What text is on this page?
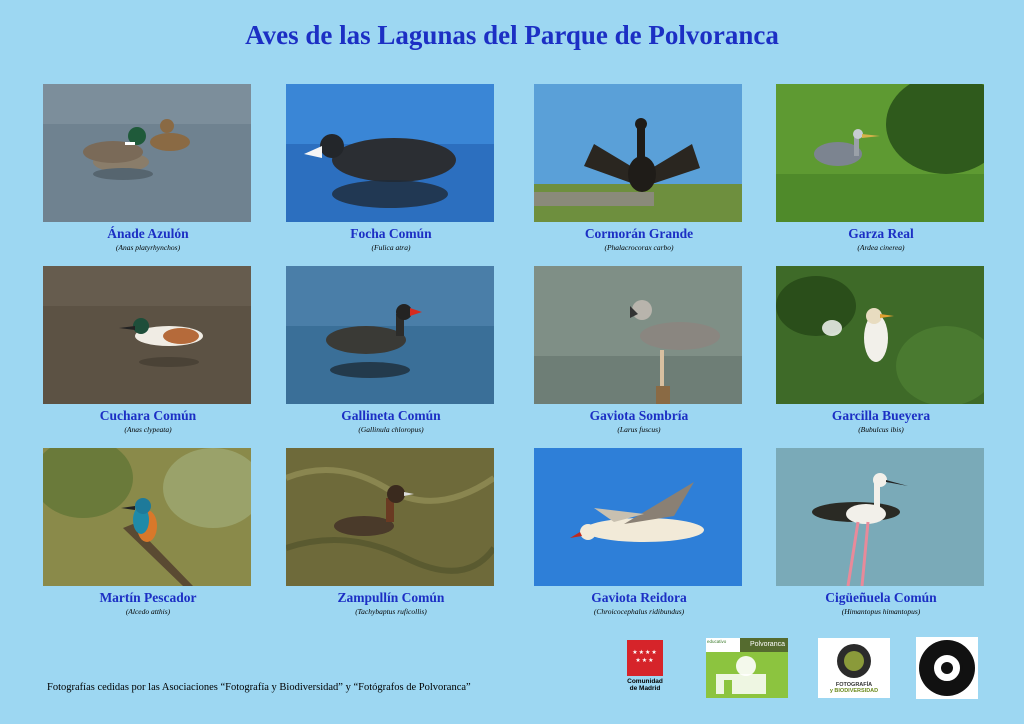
Aves de las Lagunas del Parque de Polvoranca
Ánade Azulón
(Anas platyrhynchos)
Focha Común
(Fulica atra)
Cormorán Grande
(Phalacrocorax carbo)
Garza Real
(Ardea cinerea)
Cuchara Común
(Anas clypeata)
Gallineta Común
(Gallinula chloropus)
Gaviota Sombría
(Larus fuscus)
Garcilla Bueyera
(Bubulcus ibis)
Martín Pescador
(Alcedo atthis)
Zampullín Común
(Tachybaptus ruficollis)
Gaviota Reidora
(Chroicocephalus ridibundus)
Cigüeñuela Común
(Himantopus himantopus)
Fotografías cedidas por las Asociaciones “Fotografía y Biodiversidad” y “Fotógrafos de Polvoranca”
★★★★
★★★
Comunidad de Madrid
educativo	Polvoranca
FOTOGRAFÍA
y BIODIVERSIDAD
